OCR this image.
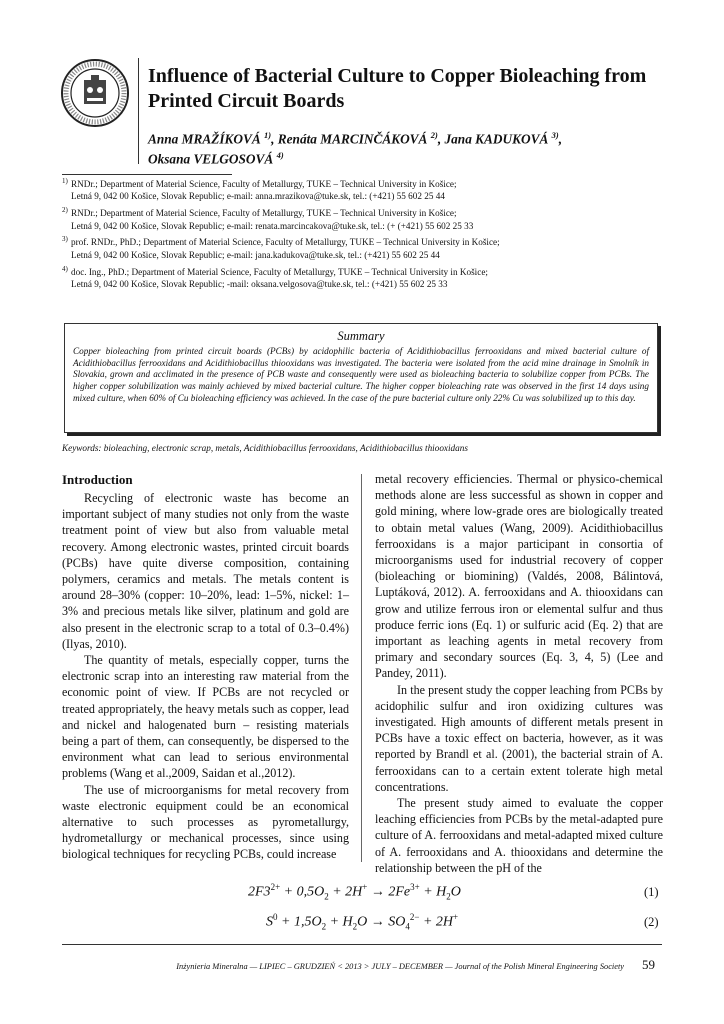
Influence of Bacterial Culture to Copper Bioleaching from Printed Circuit Boards
Anna MRAŽÍKOVÁ $^{1)}$, Renáta MARCINČÁKOVÁ $^{2)}$, Jana KADUKOVÁ $^{3)}$,
Oksana VELGOSOVÁ $^{4)}$
1) RNDr.; Department of Material Science, Faculty of Metallurgy, TUKE – Technical University in Košice;
Letná 9, 042 00 Košice, Slovak Republic; e-mail: anna.mrazikova@tuke.sk, tel.: (+421) 55 602 25 44
2) RNDr.; Department of Material Science, Faculty of Metallurgy, TUKE – Technical University in Košice;
Letná 9, 042 00 Košice, Slovak Republic; e-mail: renata.marcincakova@tuke.sk, tel.: (+ (+421) 55 602 25 33
3) prof. RNDr., PhD.; Department of Material Science, Faculty of Metallurgy, TUKE – Technical University in Košice;
Letná 9, 042 00 Košice, Slovak Republic; e-mail: jana.kadukova@tuke.sk, tel.: (+421) 55 602 25 44
4) doc. Ing., PhD.; Department of Material Science, Faculty of Metallurgy, TUKE – Technical University in Košice;
Letná 9, 042 00 Košice, Slovak Republic; -mail: oksana.velgosova@tuke.sk, tel.: (+421) 55 602 25 33
Summary
Copper bioleaching from printed circuit boards (PCBs) by acidophilic bacteria of Acidithiobacillus ferrooxidans and mixed bacterial culture of Acidithiobacillus ferrooxidans and Acidithiobacillus thiooxidans was investigated. The bacteria were isolated from the acid mine drainage in Smolník in Slovakia, grown and acclimated in the presence of PCB waste and consequently were used as bioleaching bacteria to solubilize copper from PCBs. The higher copper solubilization was mainly achieved by mixed bacterial culture. The higher copper bioleaching rate was observed in the first 14 days using mixed culture, when 60% of Cu bioleaching efficiency was achieved. In the case of the pure bacterial culture only 22% Cu was solubilized up to this day.
Keywords: bioleaching, electronic scrap, metals, Acidithiobacillus ferrooxidans, Acidithiobacillus thiooxidans
Introduction

Recycling of electronic waste has become an important subject of many studies not only from the waste treatment point of view but also from valuable metal recovery. Among electronic wastes, printed circuit boards (PCBs) have quite diverse composition, containing polymers, ceramics and metals. The metals content is around 28–30% (copper: 10–20%, lead: 1–5%, nickel: 1–3% and precious metals like silver, platinum and gold are also present in the electronic scrap to a total of 0.3–0.4%) (Ilyas, 2010).

The quantity of metals, especially copper, turns the electronic scrap into an interesting raw material from the economic point of view. If PCBs are not recycled or treated appropriately, the heavy metals such as copper, lead and nickel and halogenated burn – resisting materials being a part of them, can consequently, be dispersed to the environment what can lead to serious environmental problems (Wang et al.,2009, Saidan et al.,2012).

The use of microorganisms for metal recovery from waste electronic equipment could be an economical alternative to such processes as pyrometallurgy, hydrometallurgy or mechanical processes, since using biological techniques for recycling PCBs, could increase

metal recovery efficiencies. Thermal or physico-chemical methods alone are less successful as shown in copper and gold mining, where low-grade ores are biologically treated to obtain metal values (Wang, 2009). Acidithiobacillus ferrooxidans is a major participant in consortia of microorganisms used for industrial recovery of copper (bioleaching or biomining) (Valdés, 2008, Bálintová, Luptáková, 2012). A. ferrooxidans and A. thiooxidans can grow and utilize ferrous iron or elemental sulfur and thus produce ferric ions (Eq. 1) or sulfuric acid (Eq. 2) that are important as leaching agents in metal recovery from primary and secondary sources (Eq. 3, 4, 5) (Lee and Pandey, 2011).

In the present study the copper leaching from PCBs by acidophilic sulfur and iron oxidizing cultures was investigated. High amounts of different metals present in PCBs have a toxic effect on bacteria, however, as it was reported by Brandl et al. (2001), the bacterial strain of A. ferrooxidans can to a certain extent tolerate high metal concentrations.

The present study aimed to evaluate the copper leaching efficiencies from PCBs by the metal-adapted pure culture of A. ferrooxidans and metal-adapted mixed culture of A. ferrooxidans and A. thiooxidans and determine the relationship between the pH of the

$2F3^{2+} + 0,5O_2 + 2H^+ \to 2Fe^{3+} + H_2O$	(1)
$S^0 + 1,5O_2 + H_2O \to SO_4^{2-} + 2H^+$	(2)
Inżynieria Mineralna — LIPIEC – GRUDZIEŃ < 2013 > JULY – DECEMBER — Journal of the Polish Mineral Engineering Society 59
